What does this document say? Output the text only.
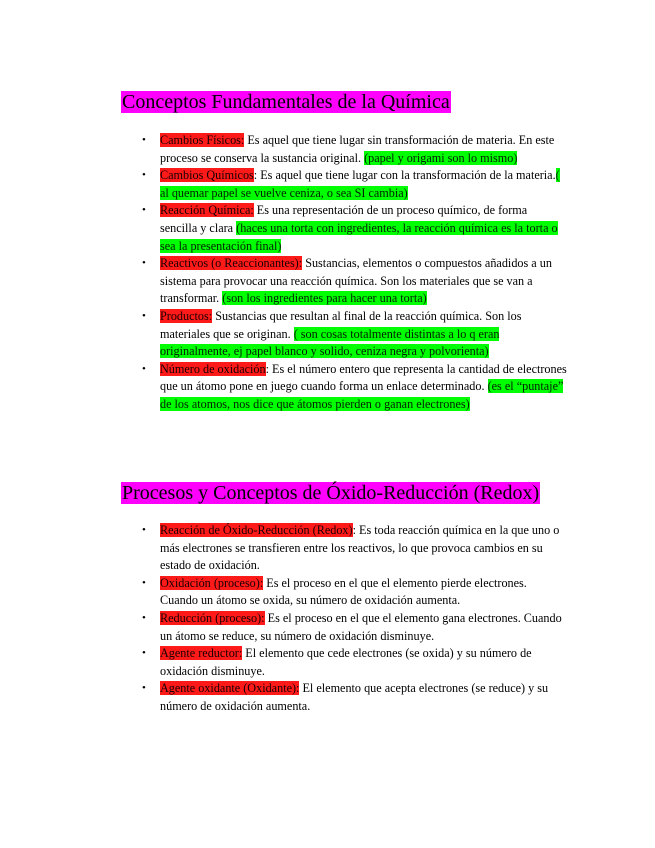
Conceptos Fundamentales de la Química
• Cambios Físicos: Es aquel que tiene lugar sin transformación de materia. En este proceso se conserva la sustancia original. (papel y origami son lo mismo)
• Cambios Químicos: Es aquel que tiene lugar con la transformación de la materia.( al quemar papel se vuelve ceniza, o sea SI cambia)
• Reacción Química: Es una representación de un proceso químico, de forma sencilla y clara (haces una torta con ingredientes, la reacción química es la torta o sea la presentación final)
• Reactivos (o Reaccionantes): Sustancias, elementos o compuestos añadidos a un sistema para provocar una reacción química. Son los materiales que se van a transformar. (son los ingredientes para hacer una torta)
• Productos: Sustancias que resultan al final de la reacción química. Son los materiales que se originan. ( son cosas totalmente distintas a lo q eran originalmente, ej papel blanco y solido, ceniza negra y polvorienta)
• Número de oxidación: Es el número entero que representa la cantidad de electrones que un átomo pone en juego cuando forma un enlace determinado. (es el “puntaje” de los atomos, nos dice que átomos pierden o ganan electrones)
Procesos y Conceptos de Óxido-Reducción (Redox)
• Reacción de Óxido-Reducción (Redox): Es toda reacción química en la que uno o más electrones se transfieren entre los reactivos, lo que provoca cambios en su estado de oxidación.
• Oxidación (proceso): Es el proceso en el que el elemento pierde electrones. Cuando un átomo se oxida, su número de oxidación aumenta.
• Reducción (proceso): Es el proceso en el que el elemento gana electrones. Cuando un átomo se reduce, su número de oxidación disminuye.
• Agente reductor: El elemento que cede electrones (se oxida) y su número de oxidación disminuye.
• Agente oxidante (Oxidante): El elemento que acepta electrones (se reduce) y su número de oxidación aumenta.
